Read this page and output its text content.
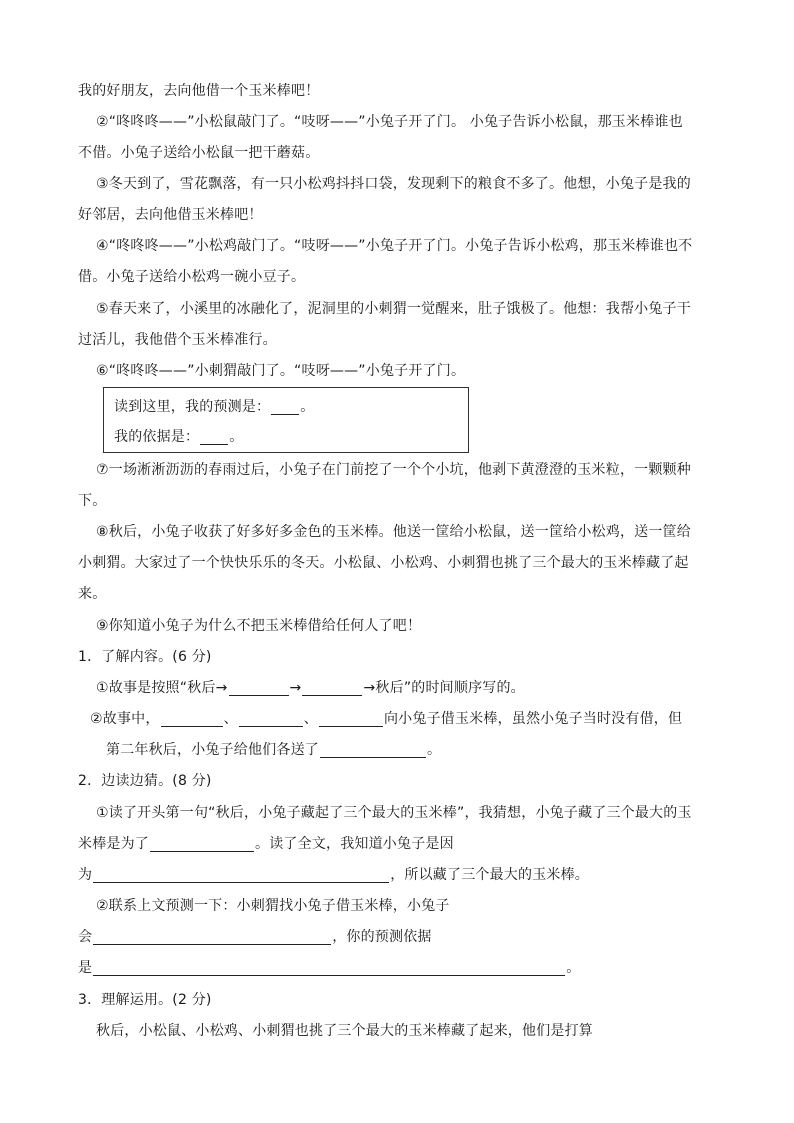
我的好朋友，去向他借一个玉米棒吧！
②“咚咚咚——”小松鼠敲门了。“吱呀——”小兔子开了门。 小兔子告诉小松鼠，那玉米棒谁也
不借。小兔子送给小松鼠一把干蘑菇。
③冬天到了，雪花飘落，有一只小松鸡抖抖口袋，发现剩下的粮食不多了。他想，小兔子是我的
好邻居，去向他借玉米棒吧！
④“咚咚咚——”小松鸡敲门了。“吱呀——”小兔子开了门。小兔子告诉小松鸡，那玉米棒谁也不
借。小兔子送给小松鸡一碗小豆子。
⑤春天来了，小溪里的冰融化了，泥洞里的小刺猬一觉醒来，肚子饿极了。他想：我帮小兔子干
过活儿，我他借个玉米棒准行。
⑥“咚咚咚——”小刺猬敲门了。“吱呀——”小兔子开了门。
读到这里，我的预测是： 。
我的依据是： 。
⑦一场淅淅沥沥的春雨过后，小兔子在门前挖了一个个小坑，他剥下黄澄澄的玉米粒，一颗颗种
下。
⑧秋后，小兔子收获了好多好多金色的玉米棒。他送一筐给小松鼠，送一筐给小松鸡，送一筐给
小刺猬。大家过了一个快快乐乐的冬天。小松鼠、小松鸡、小刺猬也挑了三个最大的玉米棒藏了起
来。
⑨你知道小兔子为什么不把玉米棒借给任何人了吧！
1．了解内容。(6 分)
①故事是按照“秋后→	→	→秋后”的时间顺序写的。
②故事中，	、	、	向小兔子借玉米棒，虽然小兔子当时没有借，但
第二年秋后，小兔子给他们各送了	。
2．边读边猜。(8 分)
①读了开头第一句“秋后，小兔子藏起了三个最大的玉米棒”，我猜想，小兔子藏了三个最大的玉
米棒是为了	。读了全文，我知道小兔子是因
为	，所以藏了三个最大的玉米棒。
②联系上文预测一下：小刺猬找小兔子借玉米棒，小兔子
会	，你的预测依据
是	。
3．理解运用。(2 分)
秋后，小松鼠、小松鸡、小刺猬也挑了三个最大的玉米棒藏了起来，他们是打算
